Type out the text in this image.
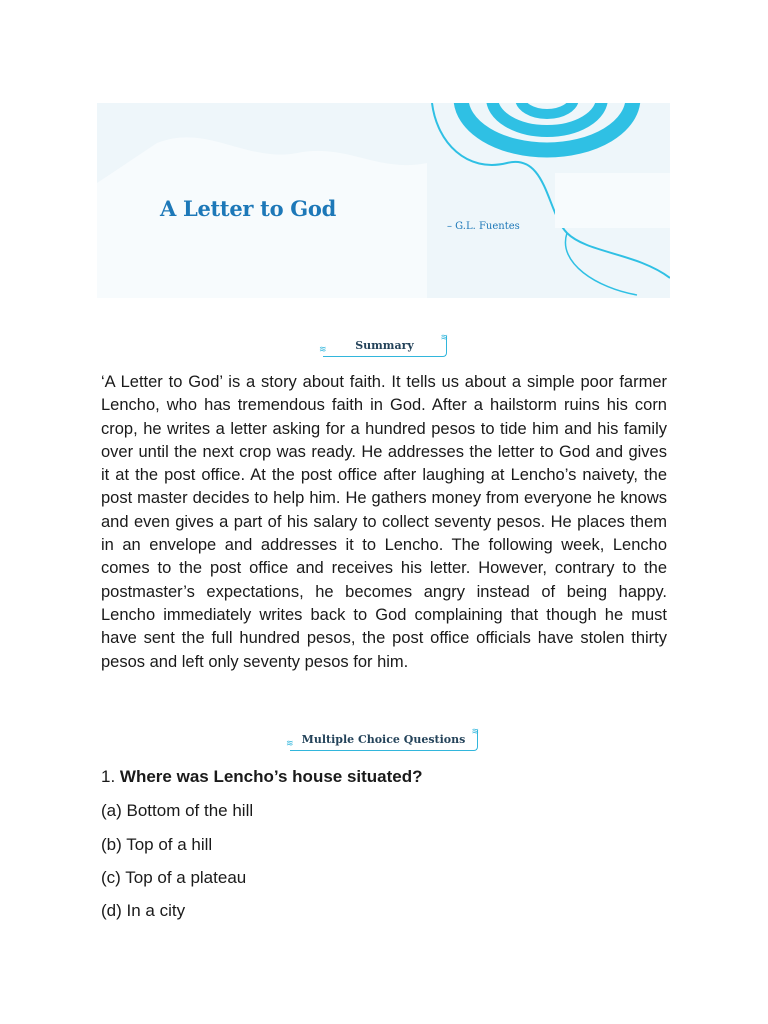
A Letter to God
– G.L. Fuentes
≋	Summary
≋

‘A Letter to God’ is a story about faith. It tells us about a simple poor farmer Lencho, who has tremendous faith in God. After a hailstorm ruins his corn crop, he writes a letter asking for a hundred pesos to tide him and his family over until the next crop was ready. He addresses the letter to God and gives it at the post office. At the post office after laughing at Lencho’s naivety, the post master decides to help him. He gathers money from everyone he knows and even gives a part of his salary to collect seventy pesos. He places them in an envelope and addresses it to Lencho. The following week, Lencho comes to the post office and receives his letter. However, contrary to the postmaster’s expectations, he becomes angry instead of being happy. Lencho immediately writes back to God complaining that though he must have sent the full hundred pesos, the post office officials have stolen thirty pesos and left only seventy pesos for him.

≋ Multiple Choice Questions
≋
1. Where was Lencho’s house situated?
(a) Bottom of the hill
(b) Top of a hill
(c) Top of a plateau
(d) In a city
